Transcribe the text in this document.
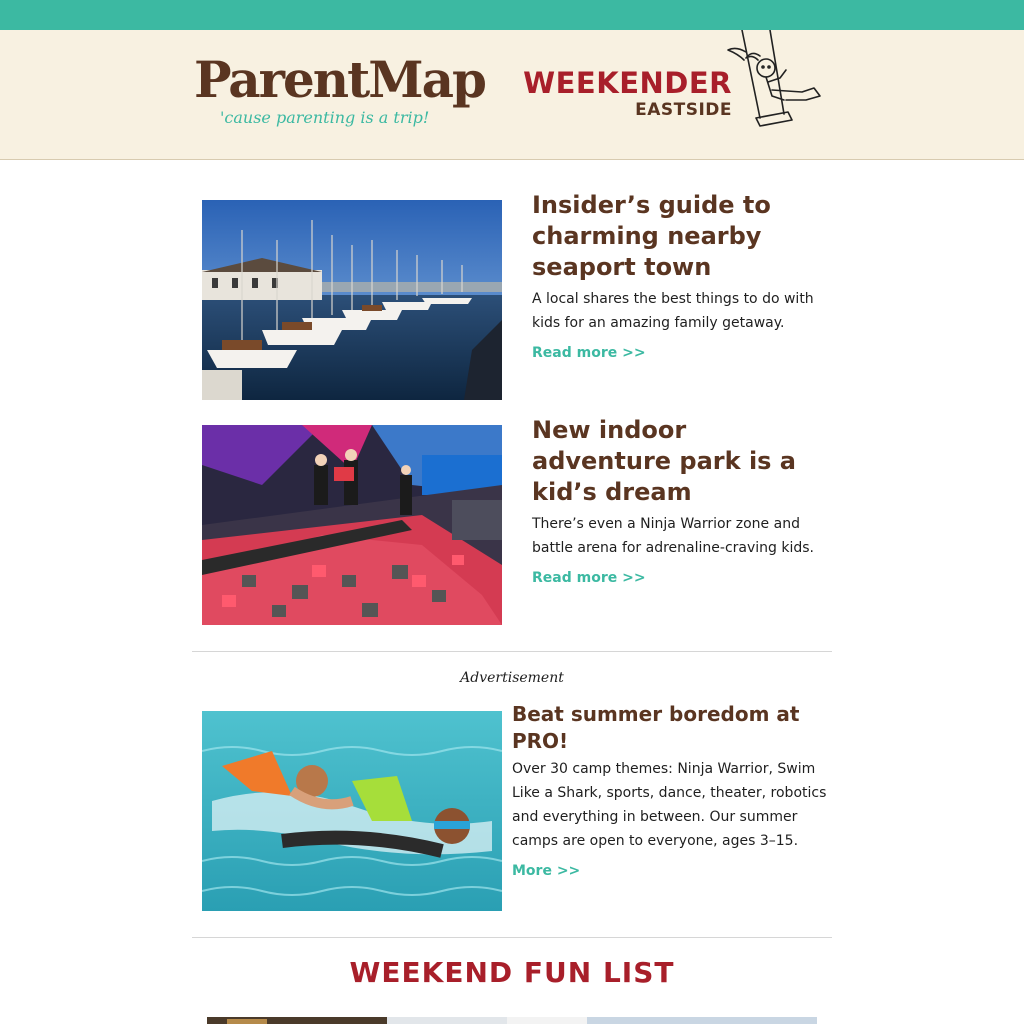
ParentMap
'cause parenting is a trip!
WEEKENDER
EASTSIDE
Insider’s guide to charming nearby seaport town

A local shares the best things to do with kids for an amazing family getaway.

Read more >>
New indoor adventure park is a kid’s dream

There’s even a Ninja Warrior zone and battle arena for adrenaline-craving kids.

Read more >>
Advertisement
Beat summer boredom at PRO!

Over 30 camp themes: Ninja Warrior, Swim Like a Shark, sports, dance, theater, robotics and everything in between. Our summer camps are open to everyone, ages 3–15.

More >>
WEEKEND FUN LIST
